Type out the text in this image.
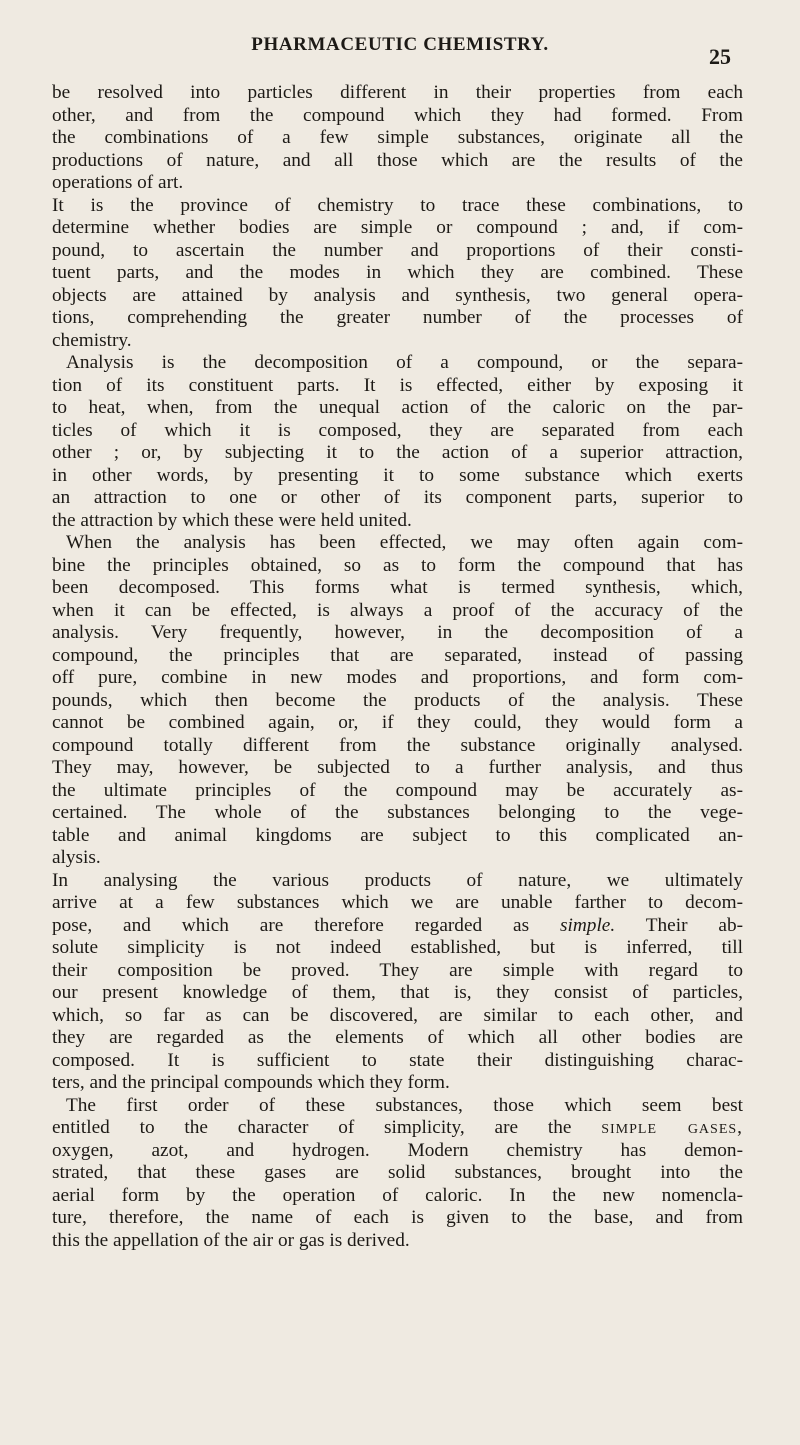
PHARMACEUTIC CHEMISTRY.	25
be resolved into particles different in their properties from each
other, and from the compound which they had formed. From
the combinations of a few simple substances, originate all the
productions of nature, and all those which are the results of the
operations of art.
It is the province of chemistry to trace these combinations, to
determine whether bodies are simple or compound ; and, if com-
pound, to ascertain the number and proportions of their consti-
tuent parts, and the modes in which they are combined. These
objects are attained by analysis and synthesis, two general opera-
tions, comprehending the greater number of the processes of
chemistry.
Analysis is the decomposition of a compound, or the separa-
tion of its constituent parts. It is effected, either by exposing it
to heat, when, from the unequal action of the caloric on the par-
ticles of which it is composed, they are separated from each
other ; or, by subjecting it to the action of a superior attraction,
in other words, by presenting it to some substance which exerts
an attraction to one or other of its component parts, superior to
the attraction by which these were held united.
When the analysis has been effected, we may often again com-
bine the principles obtained, so as to form the compound that has
been decomposed. This forms what is termed synthesis, which,
when it can be effected, is always a proof of the accuracy of the
analysis. Very frequently, however, in the decomposition of a
compound, the principles that are separated, instead of passing
off pure, combine in new modes and proportions, and form com-
pounds, which then become the products of the analysis. These
cannot be combined again, or, if they could, they would form a
compound totally different from the substance originally analysed.
They may, however, be subjected to a further analysis, and thus
the ultimate principles of the compound may be accurately as-
certained. The whole of the substances belonging to the vege-
table and animal kingdoms are subject to this complicated an-
alysis.
In analysing the various products of nature, we ultimately
arrive at a few substances which we are unable farther to decom-
pose, and which are therefore regarded as simple. Their ab-
solute simplicity is not indeed established, but is inferred, till
their composition be proved. They are simple with regard to
our present knowledge of them, that is, they consist of particles,
which, so far as can be discovered, are similar to each other, and
they are regarded as the elements of which all other bodies are
composed. It is sufficient to state their distinguishing charac-
ters, and the principal compounds which they form.
The first order of these substances, those which seem best
entitled to the character of simplicity, are the simple gases,
oxygen, azot, and hydrogen. Modern chemistry has demon-
strated, that these gases are solid substances, brought into the
aerial form by the operation of caloric. In the new nomencla-
ture, therefore, the name of each is given to the base, and from
this the appellation of the air or gas is derived.
